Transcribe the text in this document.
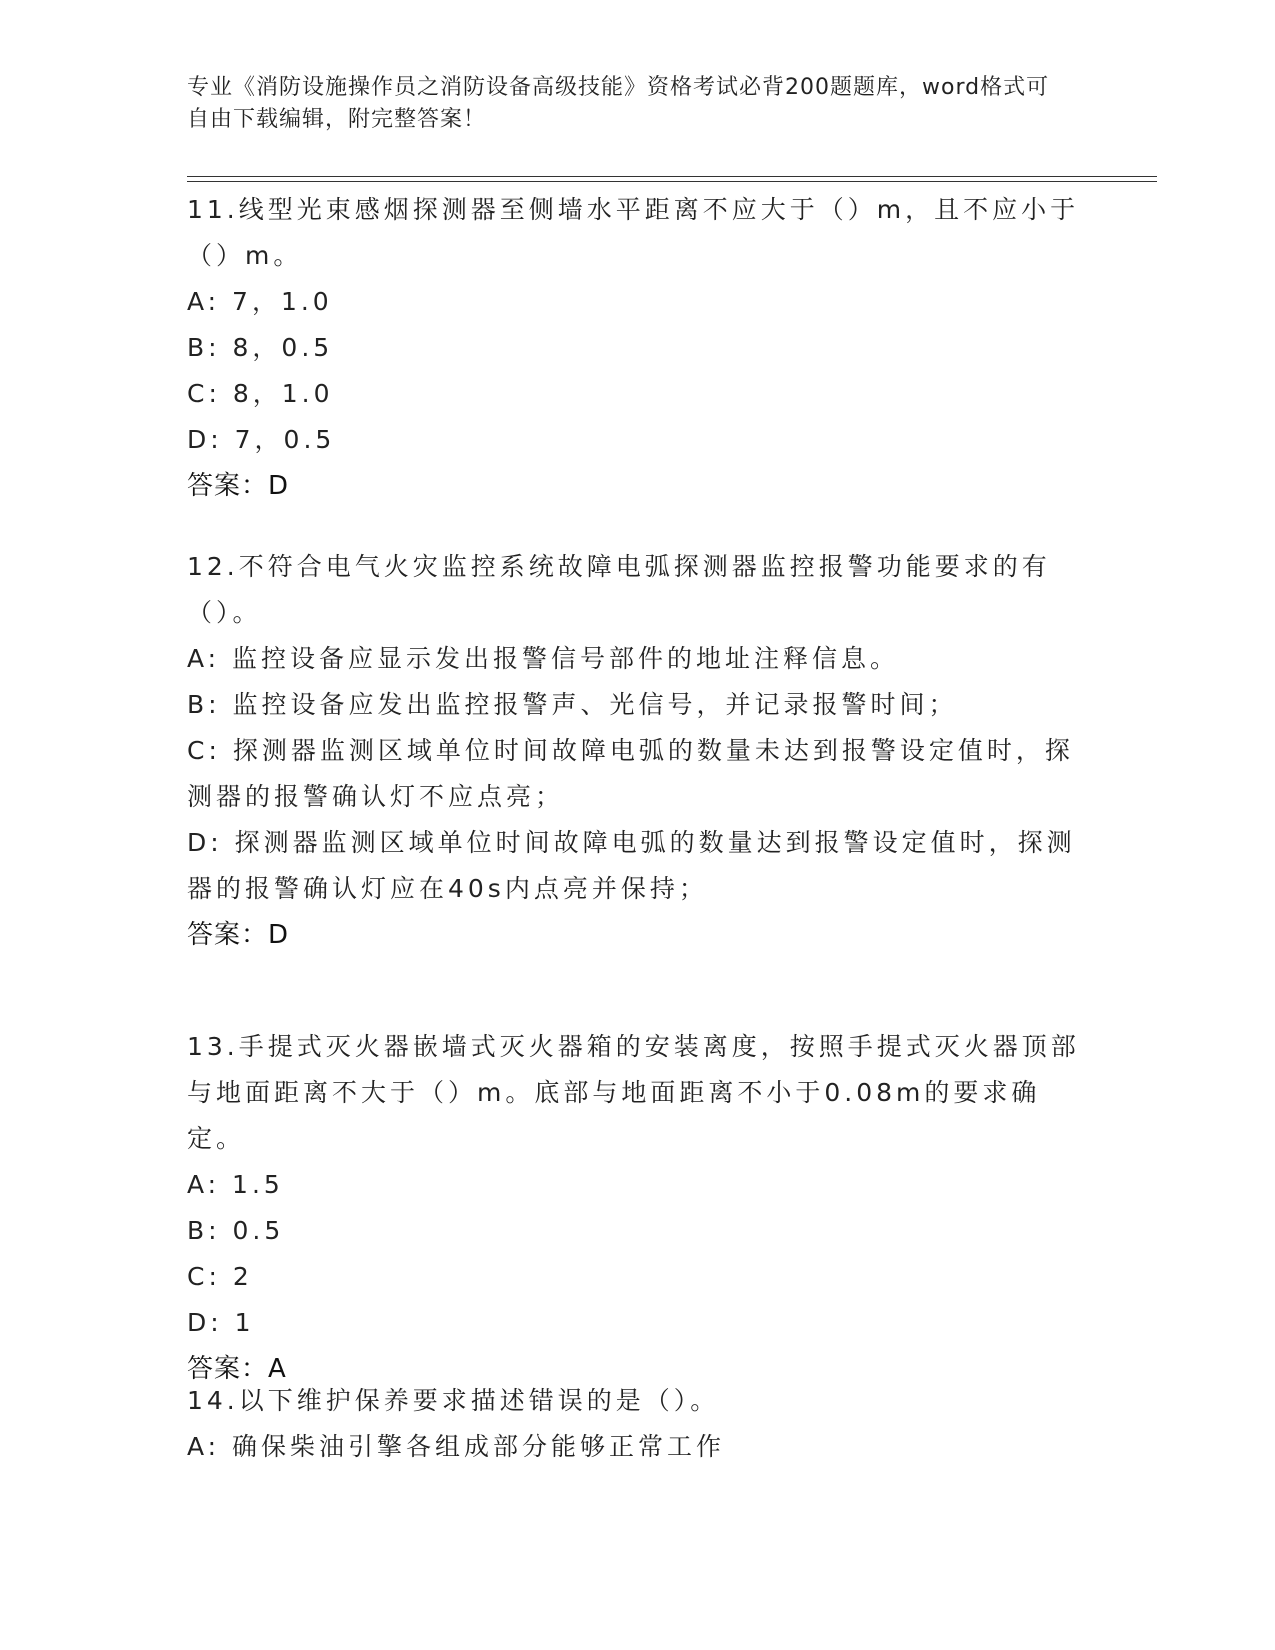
专业《消防设施操作员之消防设备高级技能》资格考试必背200题题库，word格式可自由下载编辑，附完整答案！
11.线型光束感烟探测器至侧墙水平距离不应大于（）m，且不应小于（）m。
A: 7，1.0
B: 8，0.5
C: 8，1.0
D: 7，0.5
答案：D
12.不符合电气火灾监控系统故障电弧探测器监控报警功能要求的有（）。
A: 监控设备应显示发出报警信号部件的地址注释信息。
B: 监控设备应发出监控报警声、光信号，并记录报警时间；
C: 探测器监测区域单位时间故障电弧的数量未达到报警设定值时，探测器的报警确认灯不应点亮；
D: 探测器监测区域单位时间故障电弧的数量达到报警设定值时，探测器的报警确认灯应在40s内点亮并保持；
答案：D
13.手提式灭火器嵌墙式灭火器箱的安装离度，按照手提式灭火器顶部与地面距离不大于（）m。底部与地面距离不小于0.08m的要求确定。
A: 1.5
B: 0.5
C: 2
D: 1
答案：A
14.以下维护保养要求描述错误的是（）。
A: 确保柴油引擎各组成部分能够正常工作
